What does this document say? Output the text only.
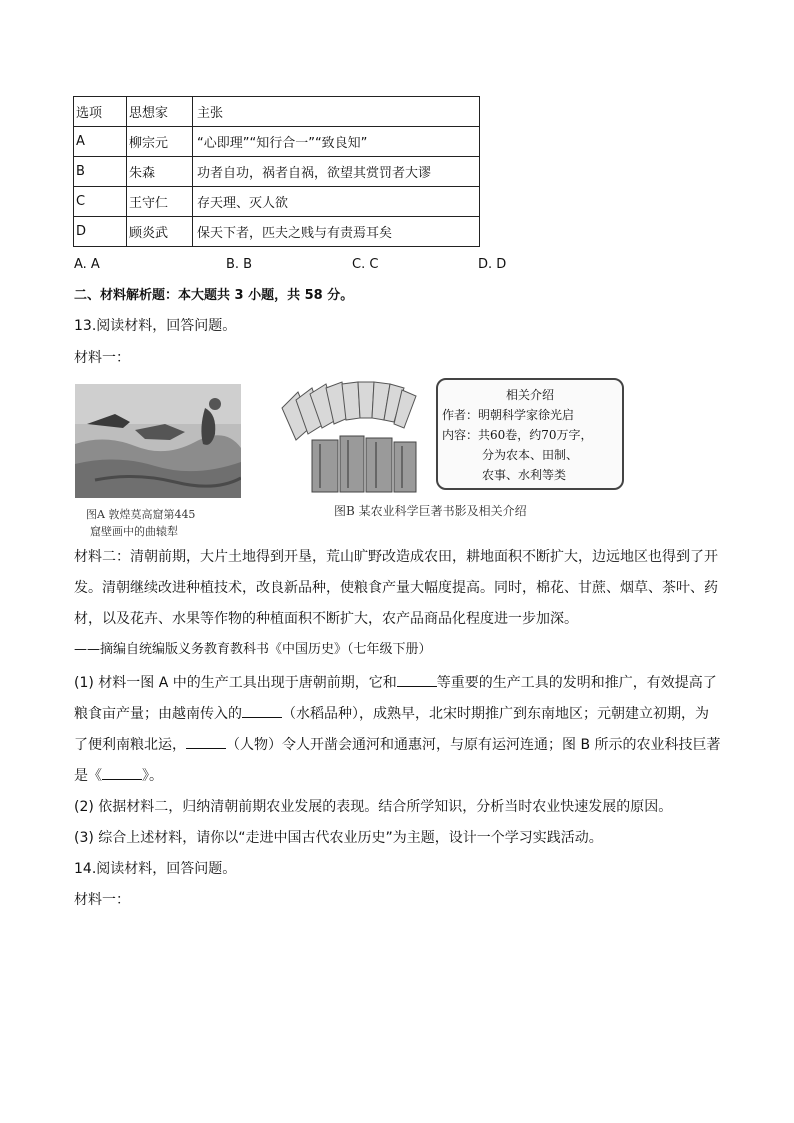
选项	思想家	主张
A	柳宗元	“心即理”“知行合一”“致良知”
B	朱森	功者自功，祸者自祸，欲望其赏罚者大谬
C	王守仁	存天理、灭人欲
D	顾炎武	保天下者，匹夫之贱与有责焉耳矣
A. A	B. B	C. C	D. D
二、材料解析题：本大题共 3 小题，共 58 分。
13.阅读材料，回答问题。
材料一：
图A 敦煌莫高窟第445
窟壁画中的曲辕犁
相关介绍
作者：明朝科学家徐光启
内容：共60卷，约70万字，
分为农本、田制、
农事、水利等类
图B 某农业科学巨著书影及相关介绍
材料二：清朝前期，大片土地得到开垦，荒山旷野改造成农田，耕地面积不断扩大，边远地区也得到了开
发。清朝继续改进种植技术，改良新品种，使粮食产量大幅度提高。同时，棉花、甘蔗、烟草、茶叶、药
材，以及花卉、水果等作物的种植面积不断扩大，农产品商品化程度进一步加深。
——摘编自统编版义务教育教科书《中国历史》（七年级下册）
(1) 材料一图 A 中的生产工具出现于唐朝前期，它和	等重要的生产工具的发明和推广，有效提高了
粮食亩产量；由越南传入的	（水稻品种），成熟早，北宋时期推广到东南地区；元朝建立初期，为
了便利南粮北运，	（人物）令人开凿会通河和通惠河，与原有运河连通；图 B 所示的农业科技巨著
是《	》。
(2) 依据材料二，归纳清朝前期农业发展的表现。结合所学知识，分析当时农业快速发展的原因。
(3) 综合上述材料，请你以“走进中国古代农业历史”为主题，设计一个学习实践活动。
14.阅读材料，回答问题。
材料一：
